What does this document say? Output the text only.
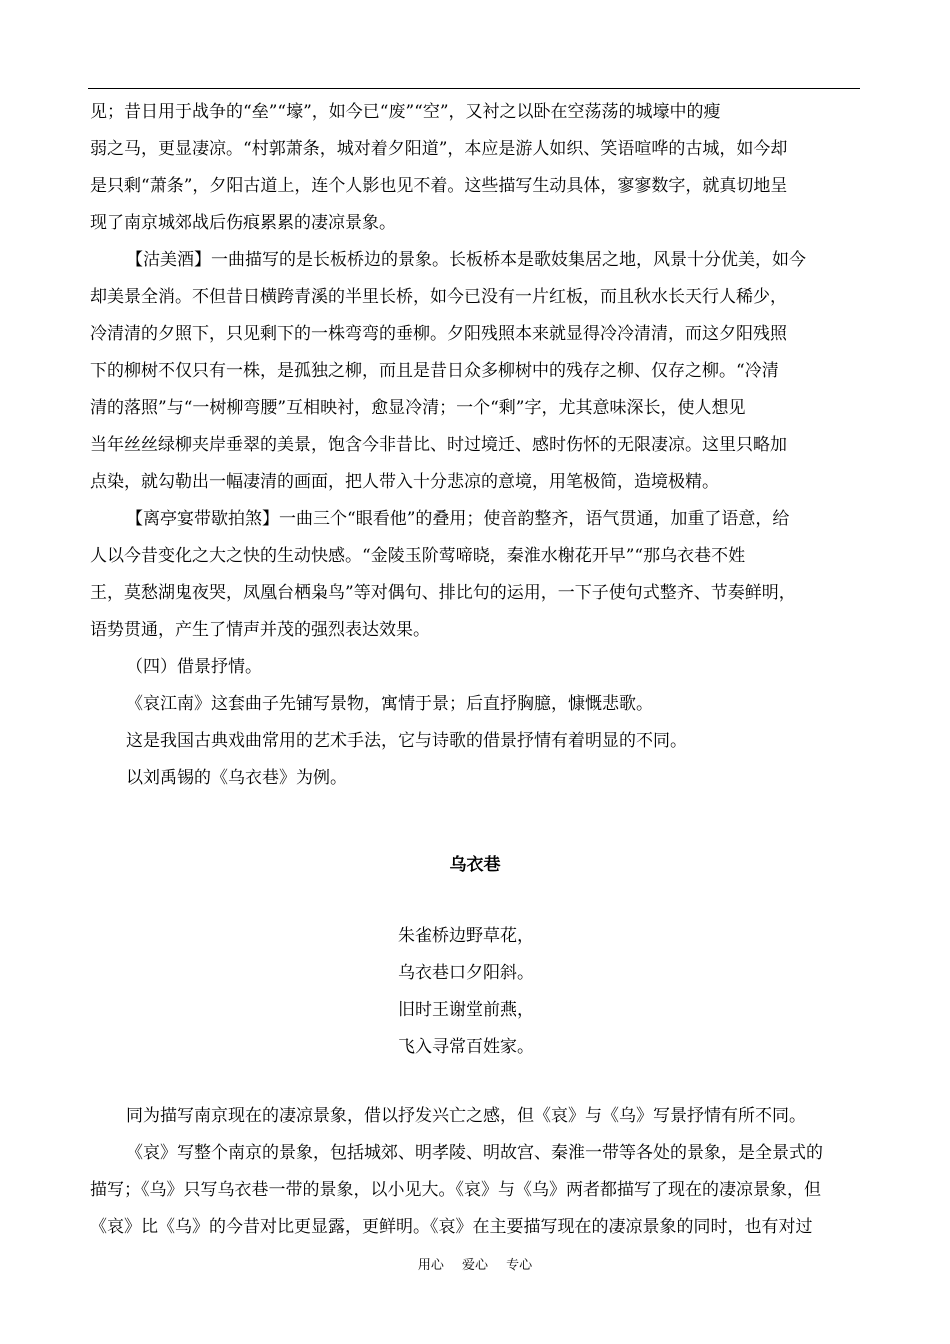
见；昔日用于战争的“垒”“壕”，如今已“废”“空”，又衬之以卧在空荡荡的城壕中的瘦
弱之马，更显凄凉。“村郭萧条，城对着夕阳道”，本应是游人如织、笑语喧哗的古城，如今却
是只剩“萧条”，夕阳古道上，连个人影也见不着。这些描写生动具体，寥寥数字，就真切地呈
现了南京城郊战后伤痕累累的凄凉景象。

【沽美酒】一曲描写的是长板桥边的景象。长板桥本是歌妓集居之地，风景十分优美，如今
却美景全消。不但昔日横跨青溪的半里长桥，如今已没有一片红板，而且秋水长天行人稀少，
冷清清的夕照下，只见剩下的一株弯弯的垂柳。夕阳残照本来就显得冷冷清清，而这夕阳残照
下的柳树不仅只有一株，是孤独之柳，而且是昔日众多柳树中的残存之柳、仅存之柳。“冷清
清的落照”与“一树柳弯腰”互相映衬，愈显冷清；一个“剩”字，尤其意味深长，使人想见
当年丝丝绿柳夹岸垂翠的美景，饱含今非昔比、时过境迁、感时伤怀的无限凄凉。这里只略加
点染，就勾勒出一幅凄清的画面，把人带入十分悲凉的意境，用笔极简，造境极精。

【离亭宴带歇拍煞】一曲三个“眼看他”的叠用；使音韵整齐，语气贯通，加重了语意，给
人以今昔变化之大之快的生动快感。“金陵玉阶莺啼晓，秦淮水榭花开早”“那乌衣巷不姓
王，莫愁湖鬼夜哭，凤凰台栖枭鸟”等对偶句、排比句的运用，一下子使句式整齐、节奏鲜明，
语势贯通，产生了情声并茂的强烈表达效果。

（四）借景抒情。

《哀江南》这套曲子先铺写景物，寓情于景；后直抒胸臆，慷慨悲歌。

这是我国古典戏曲常用的艺术手法，它与诗歌的借景抒情有着明显的不同。

以刘禹锡的《乌衣巷》为例。

乌衣巷
朱雀桥边野草花，
乌衣巷口夕阳斜。
旧时王谢堂前燕，
飞入寻常百姓家。

同为描写南京现在的凄凉景象，借以抒发兴亡之感，但《哀》与《乌》写景抒情有所不同。

《哀》写整个南京的景象，包括城郊、明孝陵、明故宫、秦淮一带等各处的景象，是全景式的
描写；《乌》只写乌衣巷一带的景象，以小见大。《哀》与《乌》两者都描写了现在的凄凉景象，但
《哀》比《乌》的今昔对比更显露，更鲜明。《哀》在主要描写现在的凄凉景象的同时，也有对过

用心 爱心 专心
